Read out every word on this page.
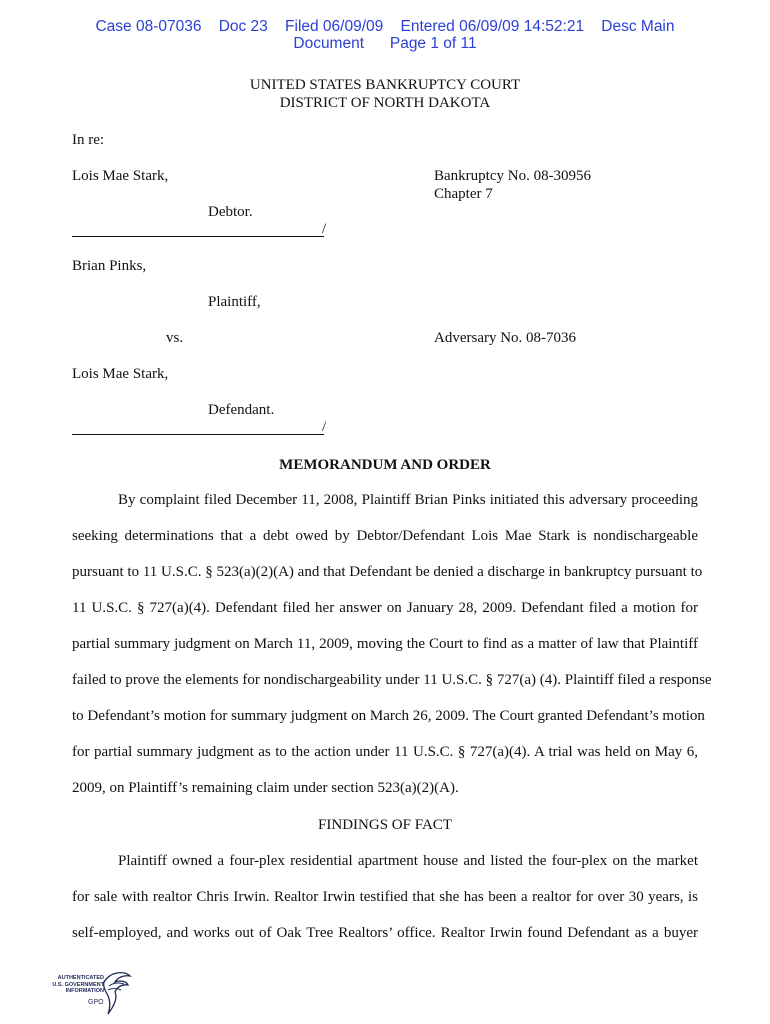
Case 08-07036    Doc 23    Filed 06/09/09    Entered 06/09/09 14:52:21    Desc Main
Document      Page 1 of 11
UNITED STATES BANKRUPTCY COURT
DISTRICT OF NORTH DAKOTA
In re:
Lois Mae Stark,	Bankruptcy No. 08-30956
Chapter 7
Debtor.
/
Brian Pinks,
Plaintiff,
vs.	Adversary No. 08-7036
Lois Mae Stark,
Defendant.
/
MEMORANDUM AND ORDER
By complaint filed December 11, 2008, Plaintiff Brian Pinks initiated this adversary proceeding
seeking determinations that a debt owed by Debtor/Defendant Lois Mae Stark is nondischargeable
pursuant to 11 U.S.C. § 523(a)(2)(A) and that Defendant be denied a discharge in bankruptcy pursuant to
11 U.S.C. § 727(a)(4). Defendant filed her answer on January 28, 2009. Defendant filed a motion for
partial summary judgment on March 11, 2009, moving the Court to find as a matter of law that Plaintiff
failed to prove the elements for nondischargeability under 11 U.S.C. § 727(a) (4). Plaintiff filed a response
to Defendant’s motion for summary judgment on March 26, 2009. The Court granted Defendant’s motion
for partial summary judgment as to the action under 11 U.S.C. § 727(a)(4). A trial was held on May 6,
2009, on Plaintiff’s remaining claim under section 523(a)(2)(A).
FINDINGS OF FACT
Plaintiff owned a four-plex residential apartment house and listed the four-plex on the market
for sale with realtor Chris Irwin. Realtor Irwin testified that she has been a realtor for over 30 years, is
self-employed, and works out of Oak Tree Realtors’ office. Realtor Irwin found Defendant as a buyer
AUTHENTICATED
U.S. GOVERNMENT
INFORMATION
GPO
